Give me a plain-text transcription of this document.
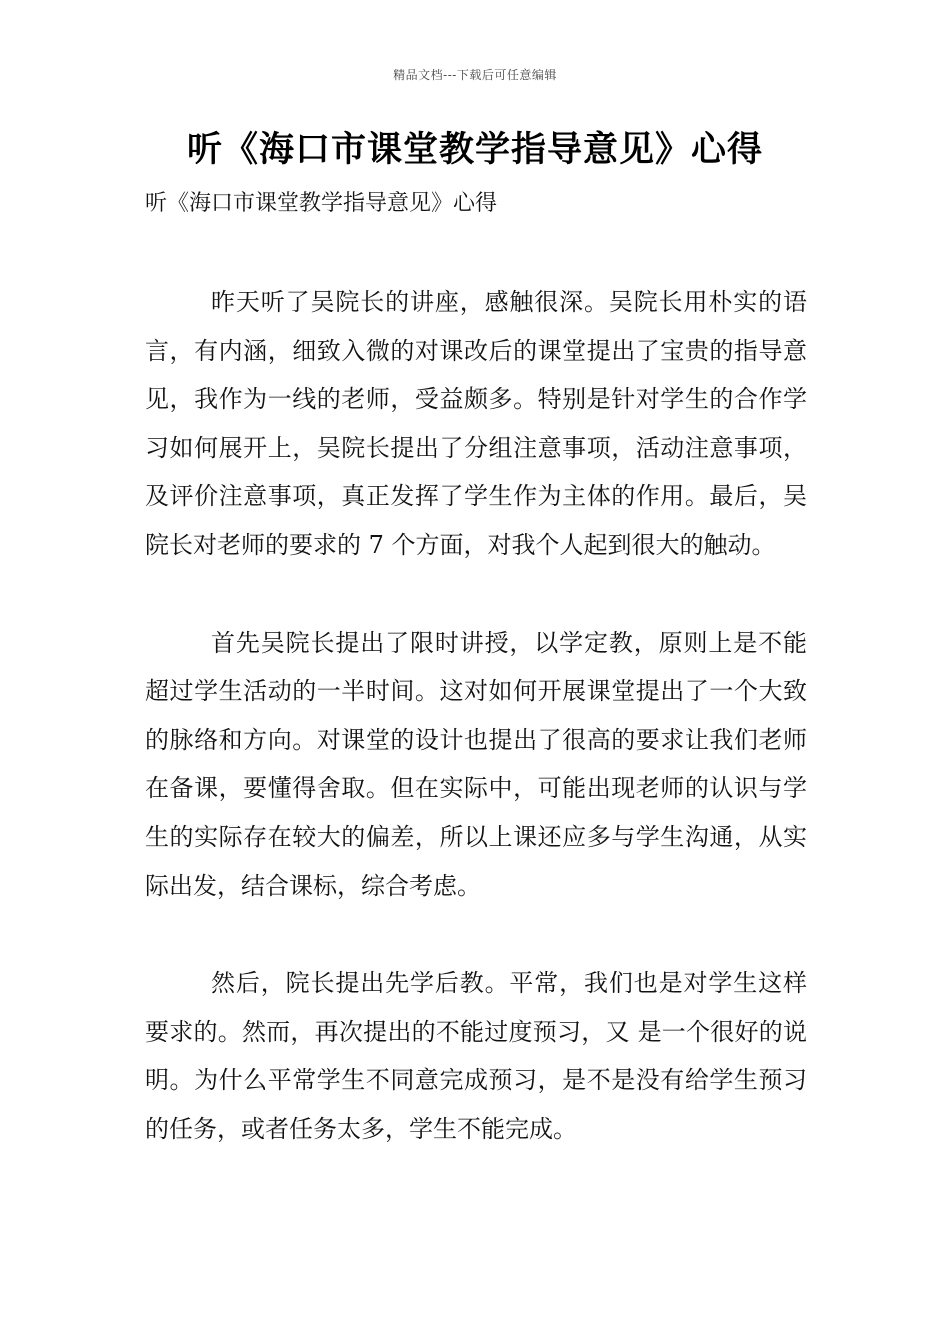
精品文档---下载后可任意编辑
听《海口市课堂教学指导意见》心得
听《海口市课堂教学指导意见》心得

昨天听了吴院长的讲座，感触很深。吴院长用朴实的语言，有内涵，细致入微的对课改后的课堂提出了宝贵的指导意见，我作为一线的老师，受益颇多。特别是针对学生的合作学习如何展开上，吴院长提出了分组注意事项，活动注意事项，及评价注意事项，真正发挥了学生作为主体的作用。最后，吴院长对老师的要求的 7 个方面，对我个人起到很大的触动。

首先吴院长提出了限时讲授，以学定教，原则上是不能超过学生活动的一半时间。这对如何开展课堂提出了一个大致的脉络和方向。对课堂的设计也提出了很高的要求让我们老师在备课，要懂得舍取。但在实际中，可能出现老师的认识与学生的实际存在较大的偏差，所以上课还应多与学生沟通，从实际出发，结合课标，综合考虑。

然后，院长提出先学后教。平常，我们也是对学生这样要求的。然而，再次提出的不能过度预习，又 是一个很好的说明。为什么平常学生不同意完成预习，是不是没有给学生预习的任务，或者任务太多，学生不能完成。
